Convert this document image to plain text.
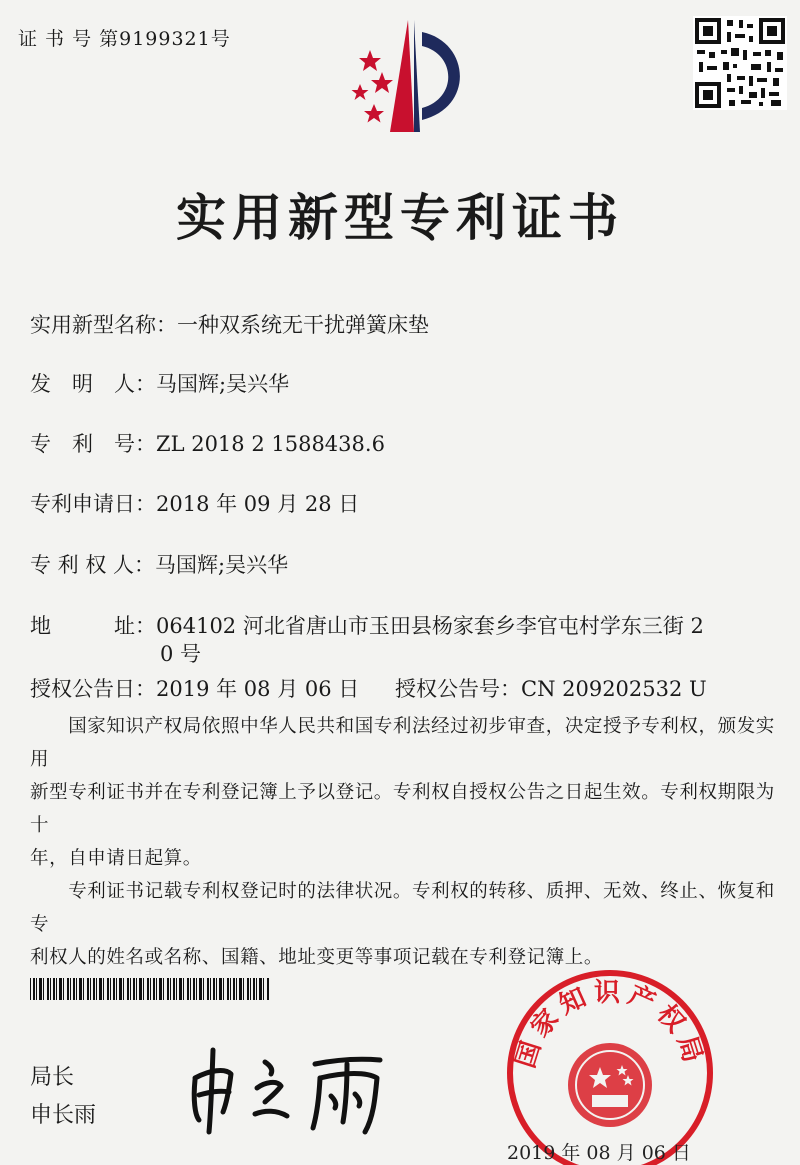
证 书 号 第9199321号
实用新型专利证书
实用新型名称：一种双系统无干扰弹簧床垫
发　明　人：马国辉;吴兴华
专　利　号：ZL 2018 2 1588438.6
专利申请日：2018 年 09 月 28 日
专 利 权 人：马国辉;吴兴华
地　　　址：064102 河北省唐山市玉田县杨家套乡李官屯村学东三街 2
0 号
授权公告日：2019 年 08 月 06 日 授权公告号：CN 209202532 U
　　国家知识产权局依照中华人民共和国专利法经过初步审查，决定授予专利权，颁发实用
新型专利证书并在专利登记簿上予以登记。专利权自授权公告之日起生效。专利权期限为十
年，自申请日起算。
　　专利证书记载专利权登记时的法律状况。专利权的转移、质押、无效、终止、恢复和专
利权人的姓名或名称、国籍、地址变更等事项记载在专利登记簿上。
局长
申长雨
国家知识产权局
2019 年 08 月 06 日
